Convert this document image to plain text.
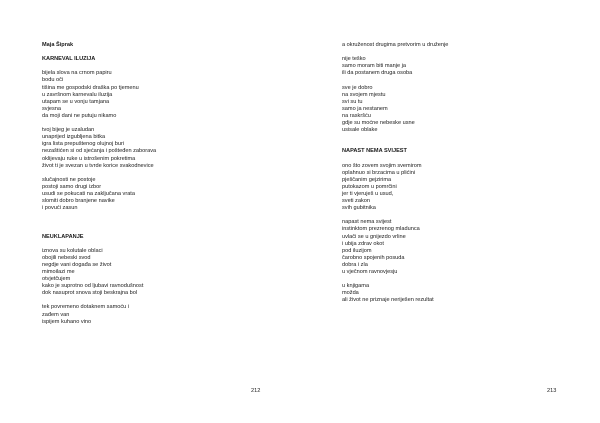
Maja Šiprak
KARNEVAL ILUZIJA
bijela slova na crnom papiru
bodu oči
tišina me gospodski draška po tjemenu
u završnom karnevalu iluzija
utapam se u vonju tamjana
svjesna
da moji dani ne putuju nikamo
tvoj bijeg je uzaludan
unaprijed izgubljena bitka
igra lista prepuštenog olujnoj buri
nezaštićen si od sjećanja i pošteđen zaborava
oklijevaju ruke u istrošenim pokretima
život ti je svezan u tvrde korice svakodnevice
slučajnosti ne postoje
postoji samo drugi izbor
usudi se pokucati na zaključana vrata
slomiti dobro branjene navike
i povući zasun
NEUKLAPANJE
iznova su kolutale oblaci
obojili nebeski svod
negdje vani događa se život
mimoilazi me
otvjetčujem
kako je suprotno od ljubavi ravnodušnost
dok nasuprot snova stoji beskrajna bol
tek povremeno dotaknem samoću i
zađem van
ispijem kuhano vino
212
a okruženost drugima pretvorim u druženje
nije teško
samo moram biti manje ja
ili da postanem druga osoba
sve je dobro
na svojem mjestu
svi su tu
samo ja nestanem
na raskršću
gdje su moćne nebeske usne
usisale oblake
NAPAST NEMA SVIJEST
ono što zovem svojim svemirom
oplahnuo si brzacima u plićini
pješčanim gejzirima
putokazom u pomrčini
jer ti vjeruješ u usud,
sveti zakon
svih gubitnika
napast nema svijest
instinktom prezrenog mladunca
uvlači se u gnijezdo vrline
i ubija zdrav okot
pod iluzijom
čarobno spojenih posuda
dobra i zla
u vječnom ravnovjesju
u knjigama
možda
ali život ne priznaje neriješen rezultat
213
